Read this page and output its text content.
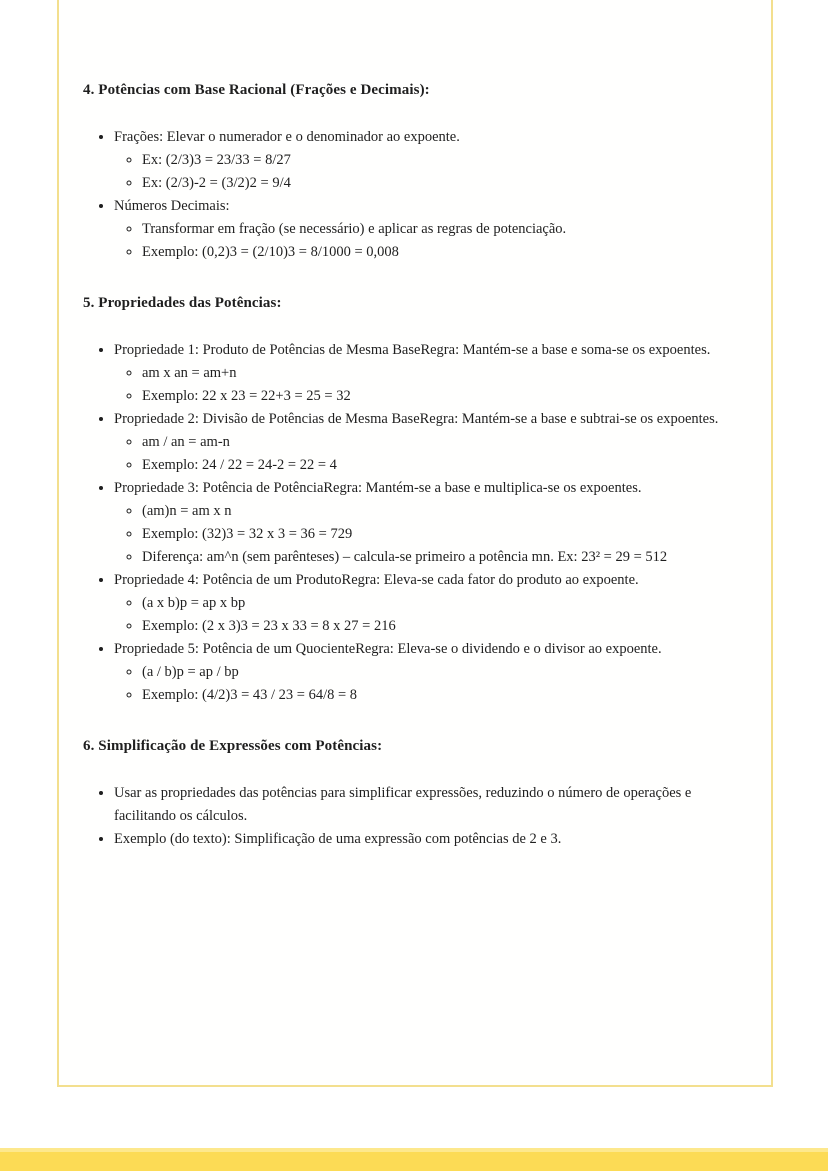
4. Potências com Base Racional (Frações e Decimais):
• Frações: Elevar o numerador e o denominador ao expoente.
◦ Ex: (2/3)3 = 23/33 = 8/27
◦ Ex: (2/3)-2 = (3/2)2 = 9/4
• Números Decimais:
◦ Transformar em fração (se necessário) e aplicar as regras de potenciação.
◦ Exemplo: (0,2)3 = (2/10)3 = 8/1000 = 0,008
5. Propriedades das Potências:
• Propriedade 1: Produto de Potências de Mesma BaseRegra: Mantém-se a base e soma-se os expoentes.
◦ am x an = am+n
◦ Exemplo: 22 x 23 = 22+3 = 25 = 32
• Propriedade 2: Divisão de Potências de Mesma BaseRegra: Mantém-se a base e subtrai-se os expoentes.
◦ am / an = am-n
◦ Exemplo: 24 / 22 = 24-2 = 22 = 4
• Propriedade 3: Potência de PotênciaRegra: Mantém-se a base e multiplica-se os expoentes.
◦ (am)n = am x n
◦ Exemplo: (32)3 = 32 x 3 = 36 = 729
◦ Diferença: am^n (sem parênteses) – calcula-se primeiro a potência mn. Ex: 23² = 29 = 512
• Propriedade 4: Potência de um ProdutoRegra: Eleva-se cada fator do produto ao expoente.
◦ (a x b)p = ap x bp
◦ Exemplo: (2 x 3)3 = 23 x 33 = 8 x 27 = 216
• Propriedade 5: Potência de um QuocienteRegra: Eleva-se o dividendo e o divisor ao expoente.
◦ (a / b)p = ap / bp
◦ Exemplo: (4/2)3 = 43 / 23 = 64/8 = 8
6. Simplificação de Expressões com Potências:
• Usar as propriedades das potências para simplificar expressões, reduzindo o número de operações e facilitando os cálculos.
• Exemplo (do texto): Simplificação de uma expressão com potências de 2 e 3.
